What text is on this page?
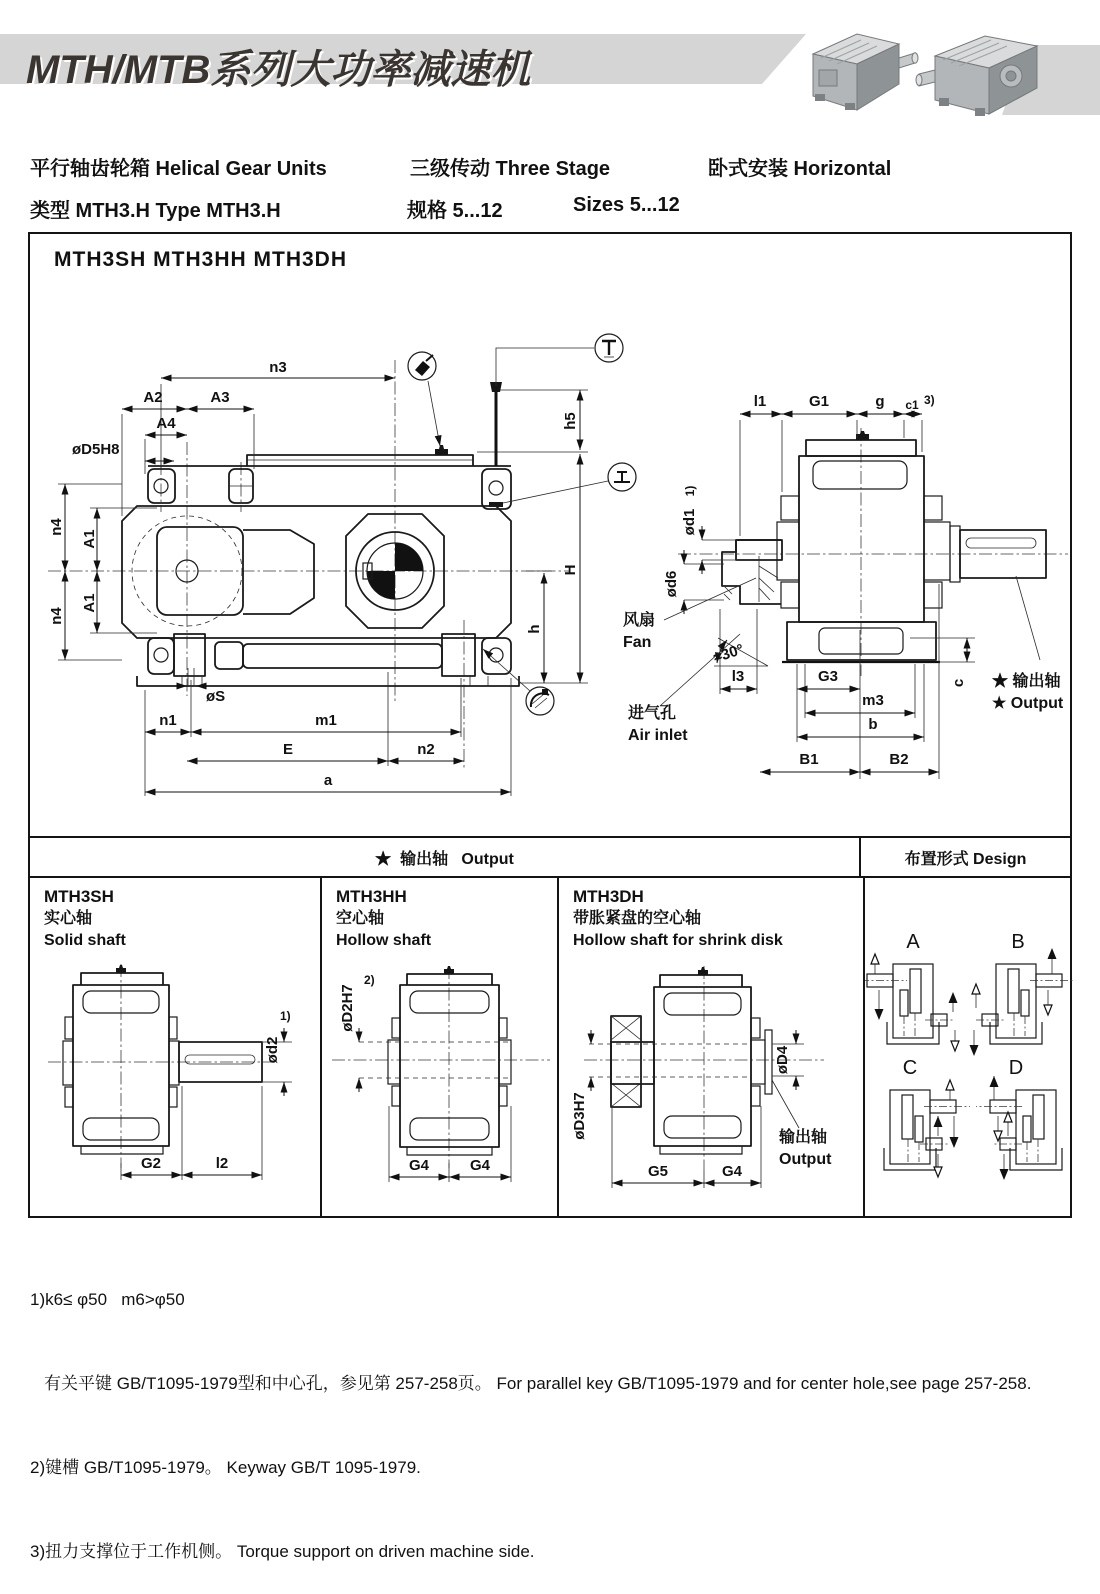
MTH/MTB系列大功率减速机
平行轴齿轮箱 Helical Gear Units	三级传动 Three Stage	卧式安装 Horizontal
类型 MTH3.H Type MTH3.H	规格 5...12	Sizes 5...12
MTH3SH MTH3HH MTH3DH
n3
A2	A3
A4
øD5H8
n4
n4
A1
A1
øS
n1	m1
E	n2
a
h5
H
h
l1	G1	g c1 3)
ød1
1)
ød6
≈30°
l3	G3
m3
b
B1	B2
c
风扇
Fan
进气孔
Air inlet
★ 输出轴
★ Output
★  输出轴   Output	布置形式 Design
MTH3SH
实心轴
Solid shaft
ød2
1)
G2	l2
MTH3HH
空心轴
Hollow shaft
øD2H7
2)
G4	G4
MTH3DH
带胀紧盘的空心轴
Hollow shaft for shrink disk
øD3H7
øD4
G5	G4
输出轴
Output
A	B
C	D

1)k6≤ φ50   m6>φ50

有关平键 GB/T1095-1979型和中心孔，参见第 257-258页。 For parallel key GB/T1095-1979 and for center hole,see page 257-258.

2)键槽 GB/T1095-1979。 Keyway GB/T 1095-1979.

3)扭力支撑位于工作机侧。 Torque support on driven machine side.
